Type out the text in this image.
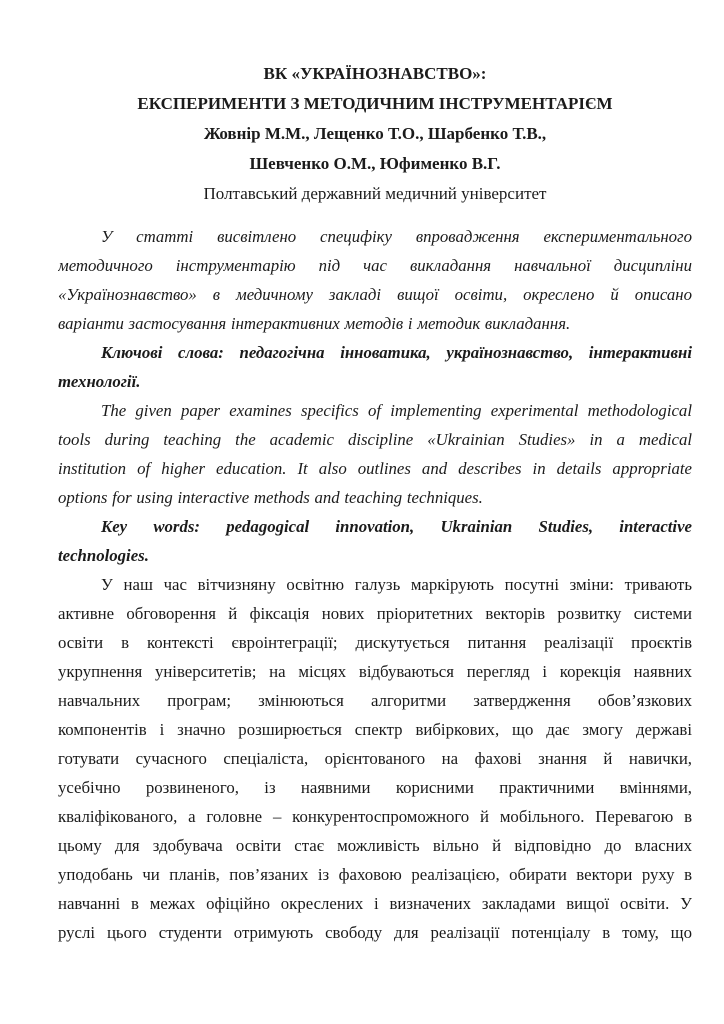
ВК «УКРАЇНОЗНАВСТВО»:
ЕКСПЕРИМЕНТИ З МЕТОДИЧНИМ ІНСТРУМЕНТАРІЄМ
Жовнір М.М., Лещенко Т.О., Шарбенко Т.В.,
Шевченко О.М., Юфименко В.Г.
Полтавський державний медичний університет
У статті висвітлено специфіку впровадження експериментального
методичного інструментарію під час викладання навчальної дисципліни
«Українознавство» в медичному закладі вищої освіти, окреслено й описано
варіанти застосування інтерактивних методів і методик викладання.
Ключові слова: педагогічна інноватика, українознавство, інтерактивні
технології.
The given paper examines specifics of implementing experimental methodological
tools during teaching the academic discipline «Ukrainian Studies» in a medical
institution of higher education. It also outlines and describes in details appropriate
options for using interactive methods and teaching techniques.
Key words: pedagogical innovation, Ukrainian Studies, interactive
technologies.
У наш час вітчизняну освітню галузь маркірують посутні зміни: тривають
активне обговорення й фіксація нових пріоритетних векторів розвитку системи
освіти в контексті євроінтеграції; дискутується питання реалізації проєктів
укрупнення університетів; на місцях відбуваються перегляд і корекція наявних
навчальних програм; змінюються алгоритми затвердження обов’язкових
компонентів і значно розширюється спектр вибіркових, що дає змогу державі
готувати сучасного спеціаліста, орієнтованого на фахові знання й навички,
усебічно розвиненого, із наявними корисними практичними вміннями,
кваліфікованого, а головне – конкурентоспроможного й мобільного. Перевагою в
цьому для здобувача освіти стає можливість вільно й відповідно до власних
уподобань чи планів, пов’язаних із фаховою реалізацією, обирати вектори руху в
навчанні в межах офіційно окреслених і визначених закладами вищої освіти. У
руслі цього студенти отримують свободу для реалізації потенціалу в тому, що
